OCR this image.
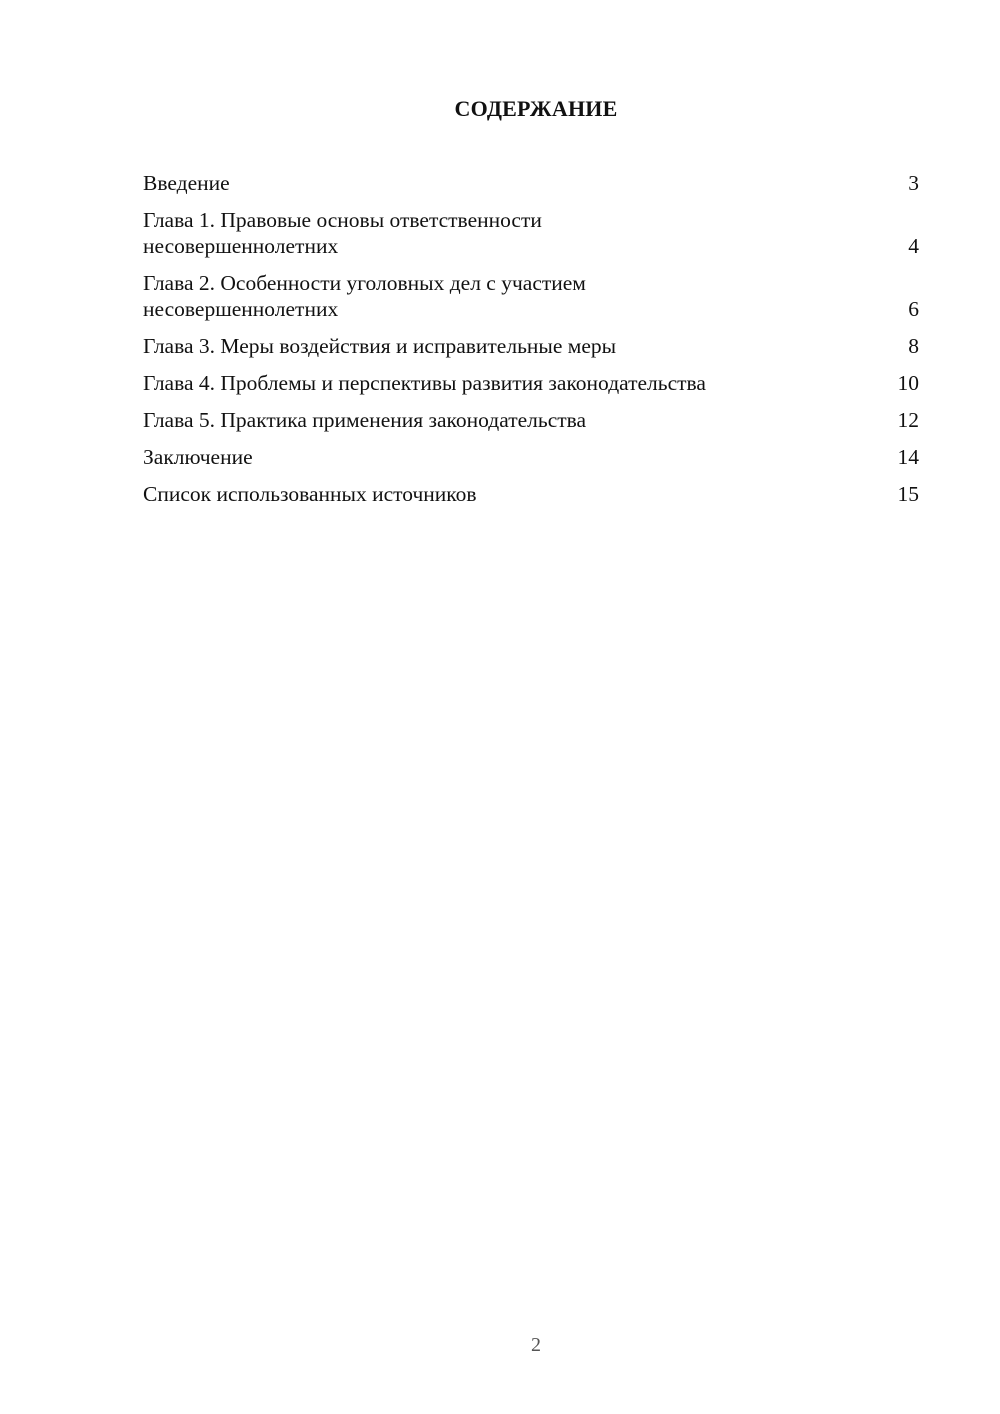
СОДЕРЖАНИЕ
Введение	3
Глава 1. Правовые основы ответственности
несовершеннолетних	4
Глава 2. Особенности уголовных дел с участием
несовершеннолетних	6
Глава 3. Меры воздействия и исправительные меры	8
Глава 4. Проблемы и перспективы развития законодательства	10
Глава 5. Практика применения законодательства	12
Заключение	14
Список использованных источников	15
2
